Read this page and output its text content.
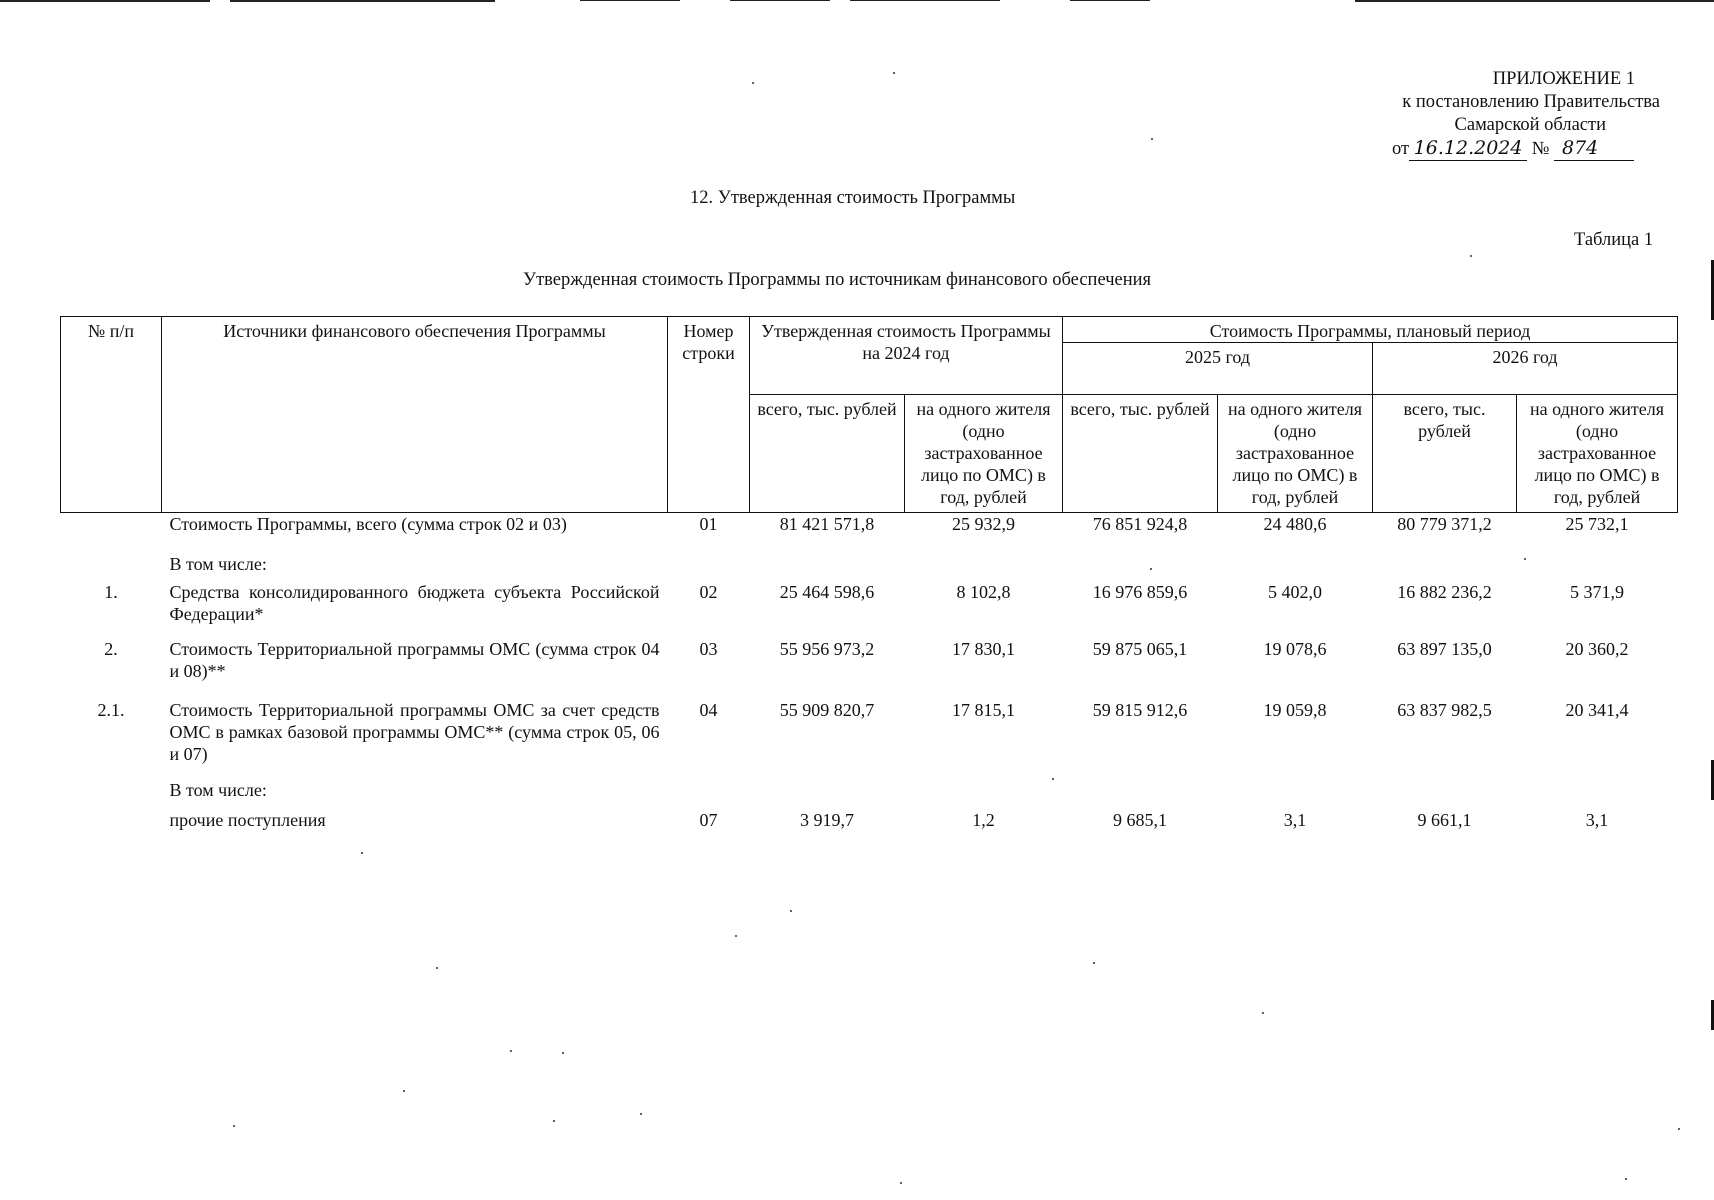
ПРИЛОЖЕНИЕ 1
к постановлению Правительства
Самарской области
от 16.12.2024 № 874
12. Утвержденная стоимость Программы
Таблица 1
Утвержденная стоимость Программы по источникам финансового обеспечения
№ п/п	Источники финансового обеспечения Программы	Номер строки	Утвержденная стоимость Программы на 2024 год		Стоимость Программы, плановый период			
					2025 год		2026 год	
			всего, тыс. рублей	на одного жителя (одно застрахованное лицо по ОМС) в год, рублей	всего, тыс. рублей	на одного жителя (одно застрахованное лицо по ОМС) в год, рублей	всего, тыс. рублей	на одного жителя (одно застрахованное лицо по ОМС) в год, рублей
	Стоимость Программы, всего (сумма строк 02 и 03)	01	81 421 571,8	25 932,9	76 851 924,8	24 480,6	80 779 371,2	25 732,1
	В том числе:							
1.	Средства консолидированного бюджета субъекта Российской Федерации*	02	25 464 598,6	8 102,8	16 976 859,6	5 402,0	16 882 236,2	5 371,9
2.	Стоимость Территориальной программы ОМС (сумма строк 04 и 08)**	03	55 956 973,2	17 830,1	59 875 065,1	19 078,6	63 897 135,0	20 360,2
2.1.	Стоимость Территориальной программы ОМС за счет средств ОМС в рамках базовой программы ОМС** (сумма строк 05, 06 и 07)	04	55 909 820,7	17 815,1	59 815 912,6	19 059,8	63 837 982,5	20 341,4
	В том числе:							
	прочие поступления	07	3 919,7	1,2	9 685,1	3,1	9 661,1	3,1
